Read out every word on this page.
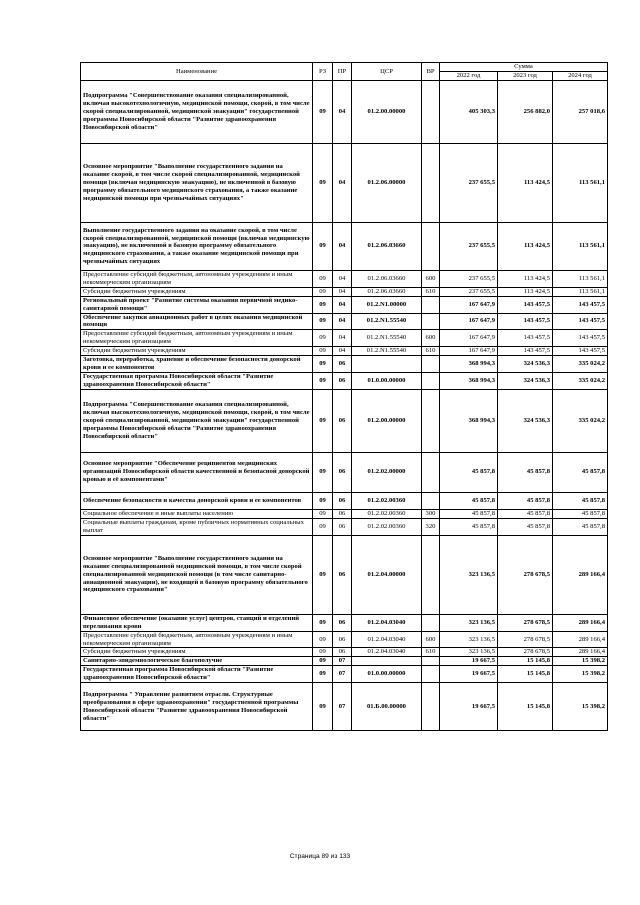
Наименование	РЗ	ПР	ЦСР	ВР	Сумма		
					2022 год	2023 год	2024 год
Подпрограмма "Совершенствование оказания специализированной, включая высокотехнологичную, медицинской помощи, скорой, в том числе скорой специализированной, медицинской эвакуации" государственной программы Новосибирской области "Развитие здравоохранения Новосибирской области"	09	04	01.2.00.00000		405 303,3	256 882,0	257 018,6
Основное мероприятие "Выполнение государственного задания на оказание скорой, в том числе скорой специализированной, медицинской помощи (включая медицинскую эвакуацию), не включенной в базовую программу обязательного медицинского страхования, а также оказание медицинской помощи при чрезвычайных ситуациях"	09	04	01.2.06.00000		237 655,5	113 424,5	113 561,1
Выполнение государственного задания на оказание скорой, в том числе скорой специализированной, медицинской помощи (включая медицинскую эвакуацию), не включенной в базовую программу обязательного медицинского страхования, а также оказание медицинской помощи при чрезвычайных ситуациях	09	04	01.2.06.03660		237 655,5	113 424,5	113 561,1
Предоставление субсидий бюджетным, автономным учреждениям и иным некоммерческим организациям	09	04	01.2.06.03660	600	237 655,5	113 424,5	113 561,1
Субсидии бюджетным учреждениям	09	04	01.2.06.03660	610	237 655,5	113 424,5	113 561,1
Региональный проект "Развитие системы оказания первичной медико-санитарной помощи"	09	04	01.2.N1.00000		167 647,9	143 457,5	143 457,5
Обеспечение закупки авиационных работ в целях оказания медицинской помощи	09	04	01.2.N1.55540		167 647,9	143 457,5	143 457,5
Предоставление субсидий бюджетным, автономным учреждениям и иным некоммерческим организациям	09	04	01.2.N1.55540	600	167 647,9	143 457,5	143 457,5
Субсидии бюджетным учреждениям	09	04	01.2.N1.55540	610	167 647,9	143 457,5	143 457,5
Заготовка, переработка, хранение и обеспечение безопасности донорской крови и ее компонентов	09	06			368 994,3	324 536,3	335 024,2
Государственная программа Новосибирской области "Развитие здравоохранения Новосибирской области"	09	06	01.0.00.00000		368 994,3	324 536,3	335 024,2
Подпрограмма "Совершенствование оказания специализированной, включая высокотехнологичную, медицинской помощи, скорой, в том числе скорой специализированной, медицинской эвакуации" государственной программы Новосибирской области "Развитие здравоохранения Новосибирской области"	09	06	01.2.00.00000		368 994,3	324 536,3	335 024,2
Основное мероприятие "Обеспечение реципиентов медицинских организаций Новосибирской области качественной и безопасной донорской кровью и её компонентами"	09	06	01.2.02.00000		45 857,8	45 857,8	45 857,8
Обеспечение безопасности и качества донорской крови и ее компонентов	09	06	01.2.02.00360		45 857,8	45 857,8	45 857,8
Социальное обеспечение и иные выплаты населению	09	06	01.2.02.00360	300	45 857,8	45 857,8	45 857,8
Социальные выплаты гражданам, кроме публичных нормативных социальных выплат	09	06	01.2.02.00360	320	45 857,8	45 857,8	45 857,8
Основное мероприятие "Выполнение государственного задания на оказание специализированной медицинской помощи, в том числе скорой специализированной медицинской помощи (в том числе санитарно-авиационной эвакуации), не входящей в базовую программу обязательного медицинского страхования"	09	06	01.2.04.00000		323 136,5	278 678,5	289 166,4
Финансовое обеспечение (оказание услуг) центров, станций и отделений переливания крови	09	06	01.2.04.03040		323 136,5	278 678,5	289 166,4
Предоставление субсидий бюджетным, автономным учреждениям и иным некоммерческим организациям	09	06	01.2.04.03040	600	323 136,5	278 678,5	289 166,4
Субсидии бюджетным учреждениям	09	06	01.2.04.03040	610	323 136,5	278 678,5	289 166,4
Санитарно-эпидемиологическое благополучие	09	07			19 667,5	15 145,8	15 398,2
Государственная программа Новосибирской области "Развитие здравоохранения Новосибирской области"	09	07	01.0.00.00000		19 667,5	15 145,8	15 398,2
Подпрограмма " Управление развитием отрасли. Структурные преобразования в сфере здравоохранения" государственной программы Новосибирской области "Развитие здравоохранения Новосибирской области"	09	07	01.Б.00.00000		19 667,5	15 145,8	15 398,2
Страница 89 из 133
